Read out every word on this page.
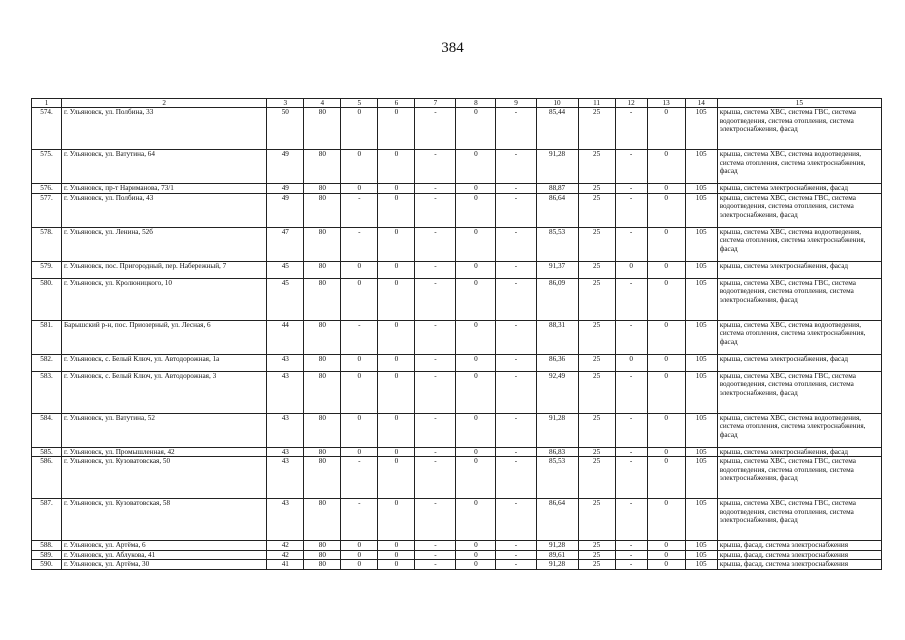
384
1	2	3	4	5	6	7	8	9	10	11	12	13	14	15
574.	г. Ульяновск, ул. Полбина, 33	50	80	0	0	-	0	-	85,44	25	-	0	105	крыша, система ХВС, система ГВС, система водоотведения, система отопления, система электроснабжения, фасад
575.	г. Ульяновск, ул. Ватутина, 64	49	80	0	0	-	0	-	91,28	25	-	0	105	крыша, система ХВС, система водоотведения, система отопления, система электроснабжения, фасад
576.	г. Ульяновск, пр-т Нариманова, 73/1	49	80	0	0	-	0	-	88,87	25	-	0	105	крыша, система электроснабжения, фасад
577.	г. Ульяновск, ул. Полбина, 43	49	80	-	0	-	0	-	86,64	25	-	0	105	крыша, система ХВС, система ГВС, система водоотведения, система отопления, система электроснабжения, фасад
578.	г. Ульяновск, ул. Ленина, 52б	47	80	-	0	-	0	-	85,53	25	-	0	105	крыша, система ХВС, система водоотведения, система отопления, система электроснабжения, фасад
579.	г. Ульяновск, пос. Пригородный, пер. Набережный, 7	45	80	0	0	-	0	-	91,37	25	0	0	105	крыша, система электроснабжения, фасад
580.	г. Ульяновск, ул. Кролюницкого, 10	45	80	0	0	-	0	-	86,09	25	-	0	105	крыша, система ХВС, система ГВС, система водоотведения, система отопления, система электроснабжения, фасад
581.	Барышский р-н, пос. Приозерный, ул. Лесная, 6	44	80	-	0	-	0	-	88,31	25	-	0	105	крыша, система ХВС, система водоотведения, система отопления, система электроснабжения, фасад
582.	г. Ульяновск, с. Белый Ключ, ул. Автодорожная, 1а	43	80	0	0	-	0	-	86,36	25	0	0	105	крыша, система электроснабжения, фасад
583.	г. Ульяновск, с. Белый Ключ, ул. Автодорожная, 3	43	80	0	0	-	0	-	92,49	25	-	0	105	крыша, система ХВС, система ГВС, система водоотведения, система отопления, система электроснабжения, фасад
584.	г. Ульяновск, ул. Ватутина, 52	43	80	0	0	-	0	-	91,28	25	-	0	105	крыша, система ХВС, система водоотведения, система отопления, система электроснабжения, фасад
585.	г. Ульяновск, ул. Промышленная, 42	43	80	0	0	-	0	-	86,83	25	-	0	105	крыша, система электроснабжения, фасад
586.	г. Ульяновск, ул. Кузоватовская, 50	43	80	-	0	-	0	-	85,53	25	-	0	105	крыша, система ХВС, система ГВС, система водоотведения, система отопления, система электроснабжения, фасад
587.	г. Ульяновск, ул. Кузоватовская, 58	43	80	-	0	-	0	-	86,64	25	-	0	105	крыша, система ХВС, система ГВС, система водоотведения, система отопления, система электроснабжения, фасад
588.	г. Ульяновск, ул. Артёма, 6	42	80	0	0	-	0	-	91,28	25	-	0	105	крыша, фасад, система электроснабжения
589.	г. Ульяновск, ул. Аблукова, 41	42	80	0	0	-	0	-	89,61	25	-	0	105	крыша, фасад, система электроснабжения
590.	г. Ульяновск, ул. Артёма, 30	41	80	0	0	-	0	-	91,28	25	-	0	105	крыша, фасад, система электроснабжения
